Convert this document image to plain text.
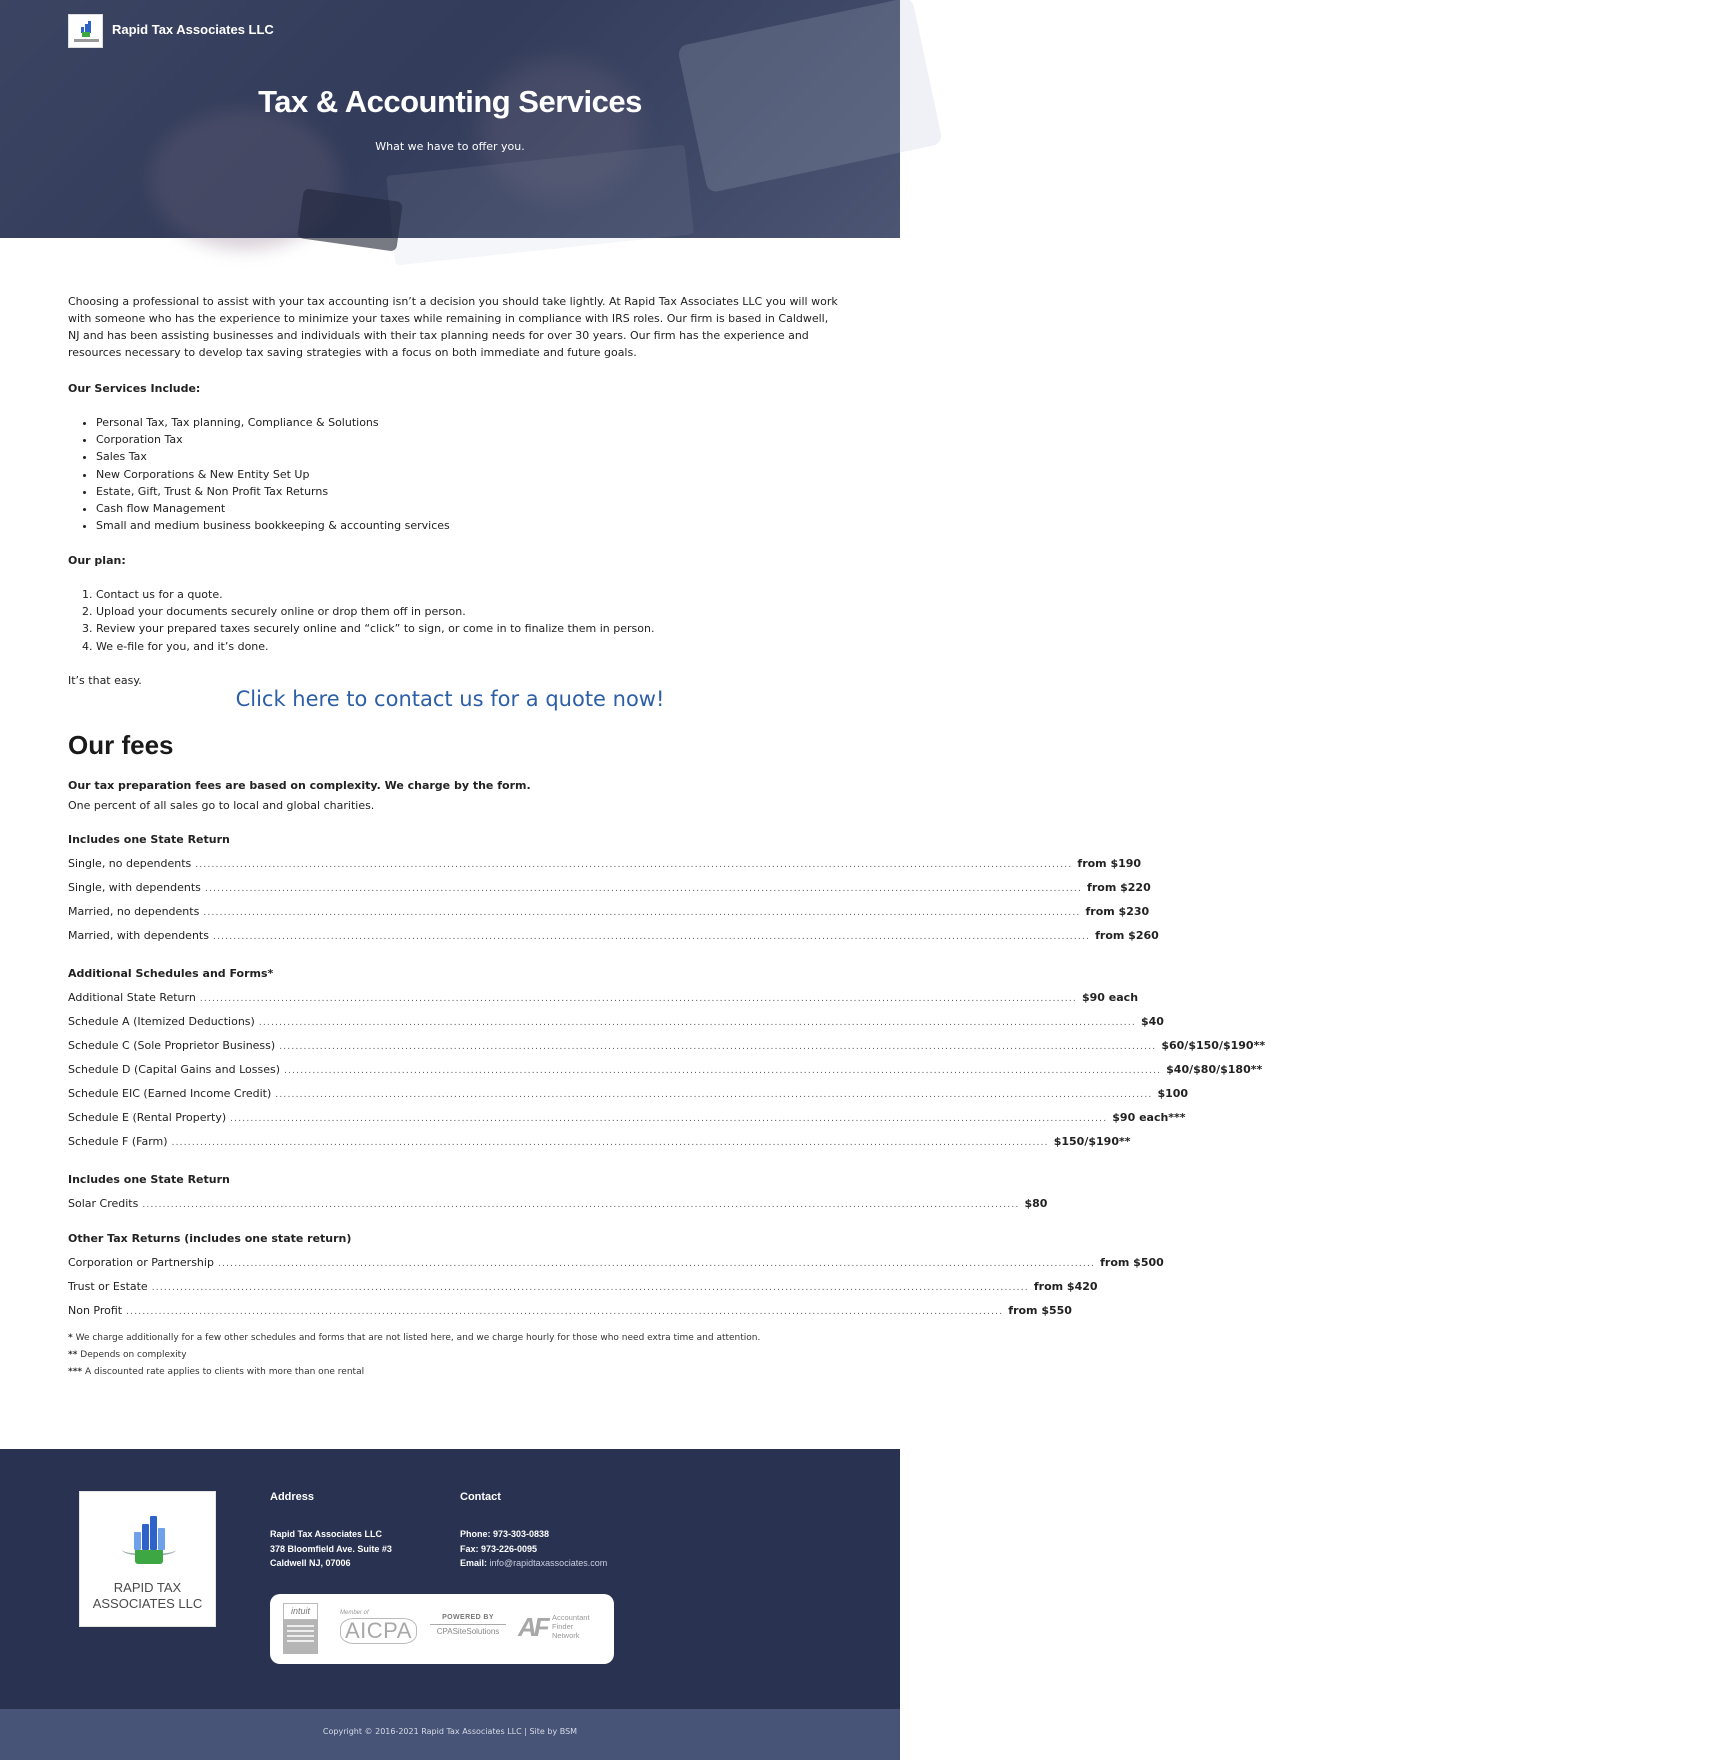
Rapid Tax Associates LLC	HOME	ABOUT US	SERVICES	INFORMATION	CONTACT US
Tax & Accounting Services
What we have to offer you.

Choosing a professional to assist with your tax accounting isn’t a decision you should take lightly. At Rapid Tax Associates LLC you will work with someone who has the experience to minimize your taxes while remaining in compliance with IRS roles. Our firm is based in Caldwell, NJ and has been assisting businesses and individuals with their tax planning needs for over 30 years. Our firm has the experience and resources necessary to develop tax saving strategies with a focus on both immediate and future goals.

Our Services Include:
• Personal Tax, Tax planning, Compliance & Solutions
• Corporation Tax
• Sales Tax
• New Corporations & New Entity Set Up
• Estate, Gift, Trust & Non Profit Tax Returns
• Cash flow Management
• Small and medium business bookkeeping & accounting services
Our plan:
1. Contact us for a quote.
2. Upload your documents securely online or drop them off in person.
3. Review your prepared taxes securely online and “click” to sign, or come in to finalize them in person.
4. We e-file for you, and it’s done.
It’s that easy.
Click here to contact us for a quote now!
Our fees
Our tax preparation fees are based on complexity. We charge by the form.
One percent of all sales go to local and global charities.
Includes one State Return
Single, no dependents .....	from $190
Single, with dependents .....	from $220
Married, no dependents .....	from $230
Married, with dependents .....	from $260
Additional Schedules and Forms*
Additional State Return .....	$90 each
Schedule A (Itemized Deductions) .....	$40
Schedule C (Sole Proprietor Business) .....	$60/$150/$190**
Schedule D (Capital Gains and Losses) .....	$40/$80/$180**
Schedule EIC (Earned Income Credit) .....	$100
Schedule E (Rental Property) .....	$90 each***
Schedule F (Farm) .....	$150/$190**
Includes one State Return
Solar Credits .....	$80
Other Tax Returns (includes one state return)
Corporation or Partnership .....	from $500
Trust or Estate .....	from $420
Non Profit .....	from $550
* We charge additionally for a few other schedules and forms that are not listed here, and we charge hourly for those who need extra time and attention.
** Depends on complexity
*** A discounted rate applies to clients with more than one rental
RAPID TAX
ASSOCIATES LLC
Address
Rapid Tax Associates LLC
378 Bloomfield Ave. Suite #3
Caldwell NJ, 07006
Contact
Phone: 973-303-0838
Fax: 973-226-0095
Email: info@rapidtaxassociates.com
intuit	Member of
AICPA
POWERED BY
CPASiteSolutions AF Accountant
Finder
Network
Copyright © 2016-2021 Rapid Tax Associates LLC | Site by BSM
